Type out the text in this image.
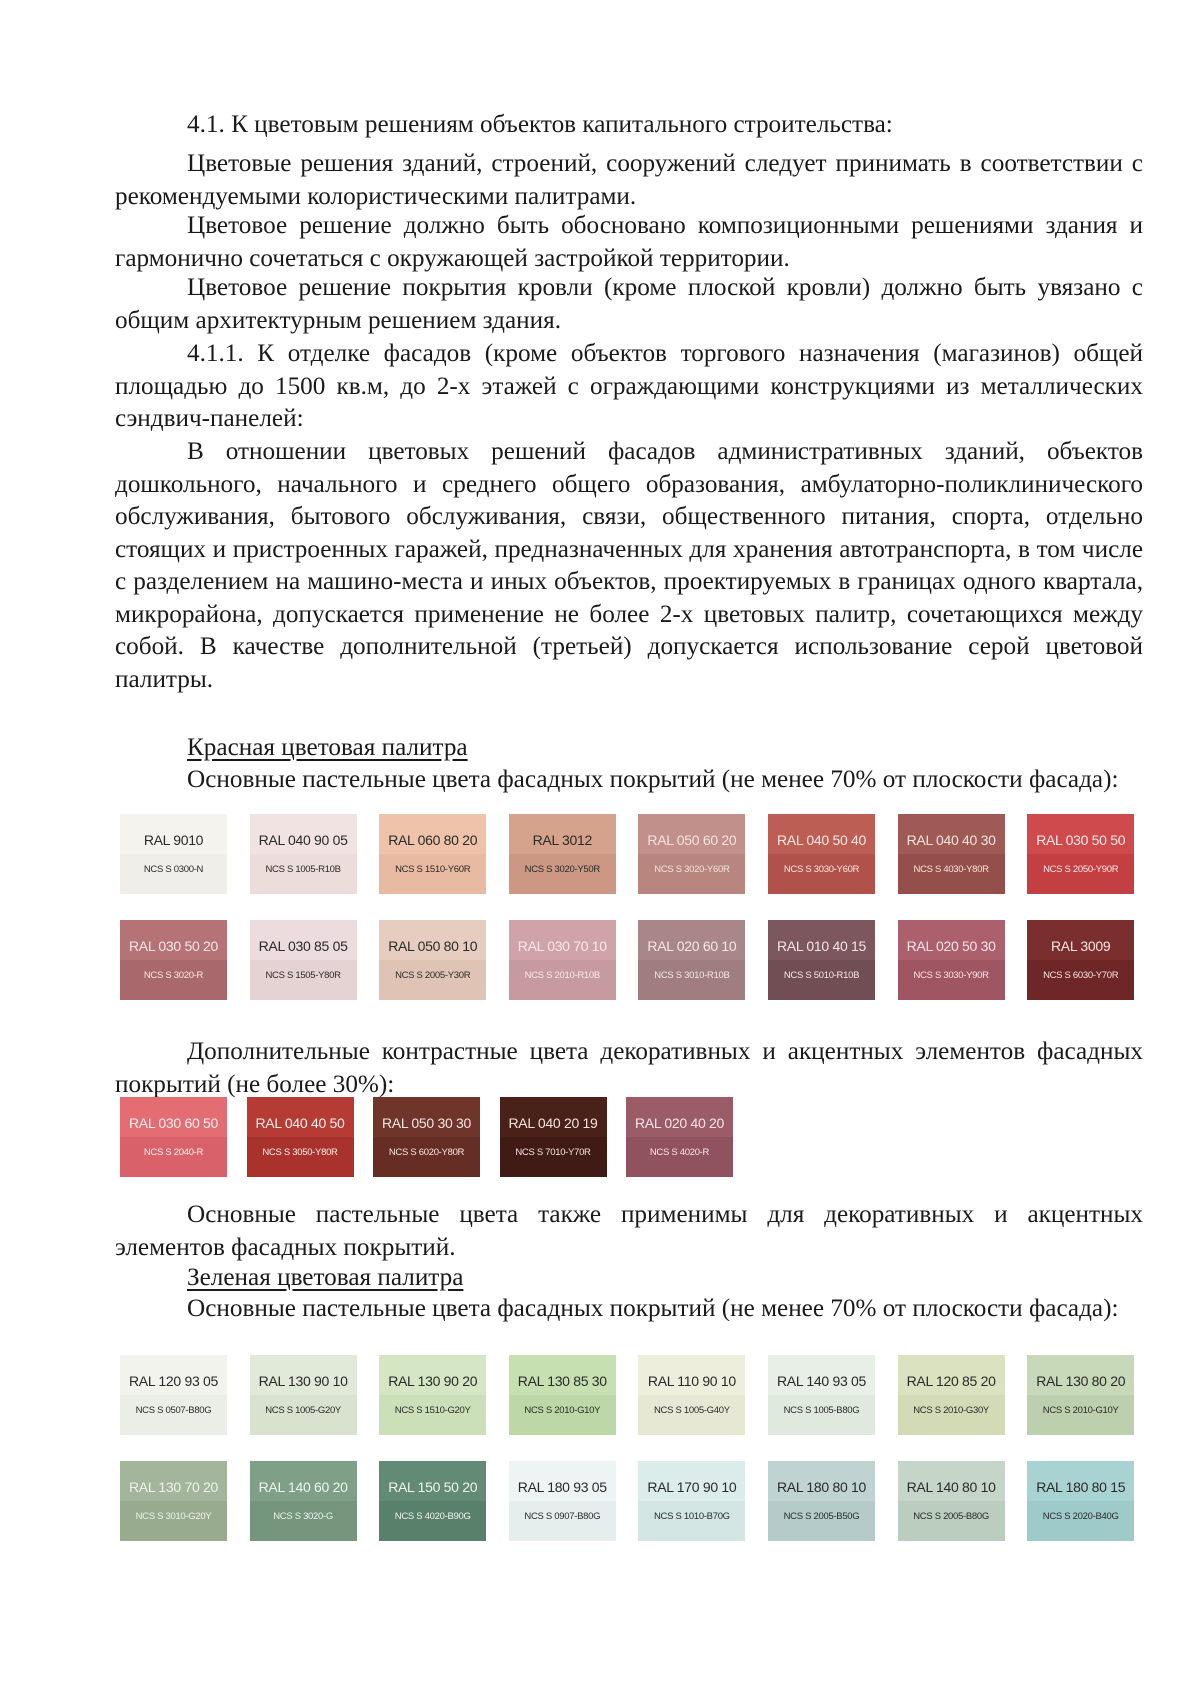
4.1. К цветовым решениям объектов капитального строительства:

Цветовые решения зданий, строений, сооружений следует принимать в соответствии с рекомендуемыми колористическими палитрами.

Цветовое решение должно быть обосновано композиционными решениями здания и гармонично сочетаться с окружающей застройкой территории.

Цветовое решение покрытия кровли (кроме плоской кровли) должно быть увязано с общим архитектурным решением здания.

4.1.1. К отделке фасадов (кроме объектов торгового назначения (магазинов) общей площадью до 1500 кв.м, до 2-х этажей с ограждающими конструкциями из металлических сэндвич-панелей:

В отношении цветовых решений фасадов административных зданий, объектов дошкольного, начального и среднего общего образования, амбулаторно-поликлинического обслуживания, бытового обслуживания, связи, общественного питания, спорта, отдельно стоящих и пристроенных гаражей, предназначенных для хранения автотранспорта, в том числе с разделением на машино-места и иных объектов, проектируемых в границах одного квартала, микрорайона, допускается применение не более 2-х цветовых палитр, сочетающихся между собой. В качестве дополнительной (третьей) допускается использование серой цветовой палитры.

Красная цветовая палитра

Основные пастельные цвета фасадных покрытий (не менее 70% от плоскости фасада):

RAL 9010
NCS S 0300-N
RAL 040 90 05
NCS S 1005-R10B
RAL 060 80 20
NCS S 1510-Y60R
RAL 3012
NCS S 3020-Y50R
RAL 050 60 20
NCS S 3020-Y60R
RAL 040 50 40
NCS S 3030-Y60R
RAL 040 40 30
NCS S 4030-Y80R
RAL 030 50 50
NCS S 2050-Y90R
RAL 030 50 20
NCS S 3020-R
RAL 030 85 05
NCS S 1505-Y80R
RAL 050 80 10
NCS S 2005-Y30R
RAL 030 70 10
NCS S 2010-R10B
RAL 020 60 10
NCS S 3010-R10B
RAL 010 40 15
NCS S 5010-R10B
RAL 020 50 30
NCS S 3030-Y90R
RAL 3009
NCS S 6030-Y70R

Дополнительные контрастные цвета декоративных и акцентных элементов фасадных покрытий (не более 30%):

RAL 030 60 50
NCS S 2040-R
RAL 040 40 50
NCS S 3050-Y80R
RAL 050 30 30
NCS S 6020-Y80R
RAL 040 20 19
NCS S 7010-Y70R
RAL 020 40 20
NCS S 4020-R

Основные пастельные цвета также применимы для декоративных и акцентных элементов фасадных покрытий.

Зеленая цветовая палитра

Основные пастельные цвета фасадных покрытий (не менее 70% от плоскости фасада):

RAL 120 93 05
NCS S 0507-B80G
RAL 130 90 10
NCS S 1005-G20Y
RAL 130 90 20
NCS S 1510-G20Y
RAL 130 85 30
NCS S 2010-G10Y
RAL 110 90 10
NCS S 1005-G40Y
RAL 140 93 05
NCS S 1005-B80G
RAL 120 85 20
NCS S 2010-G30Y
RAL 130 80 20
NCS S 2010-G10Y
RAL 130 70 20
NCS S 3010-G20Y
RAL 140 60 20
NCS S 3020-G
RAL 150 50 20
NCS S 4020-B90G
RAL 180 93 05
NCS S 0907-B80G
RAL 170 90 10
NCS S 1010-B70G
RAL 180 80 10
NCS S 2005-B50G
RAL 140 80 10
NCS S 2005-B80G
RAL 180 80 15
NCS S 2020-B40G
